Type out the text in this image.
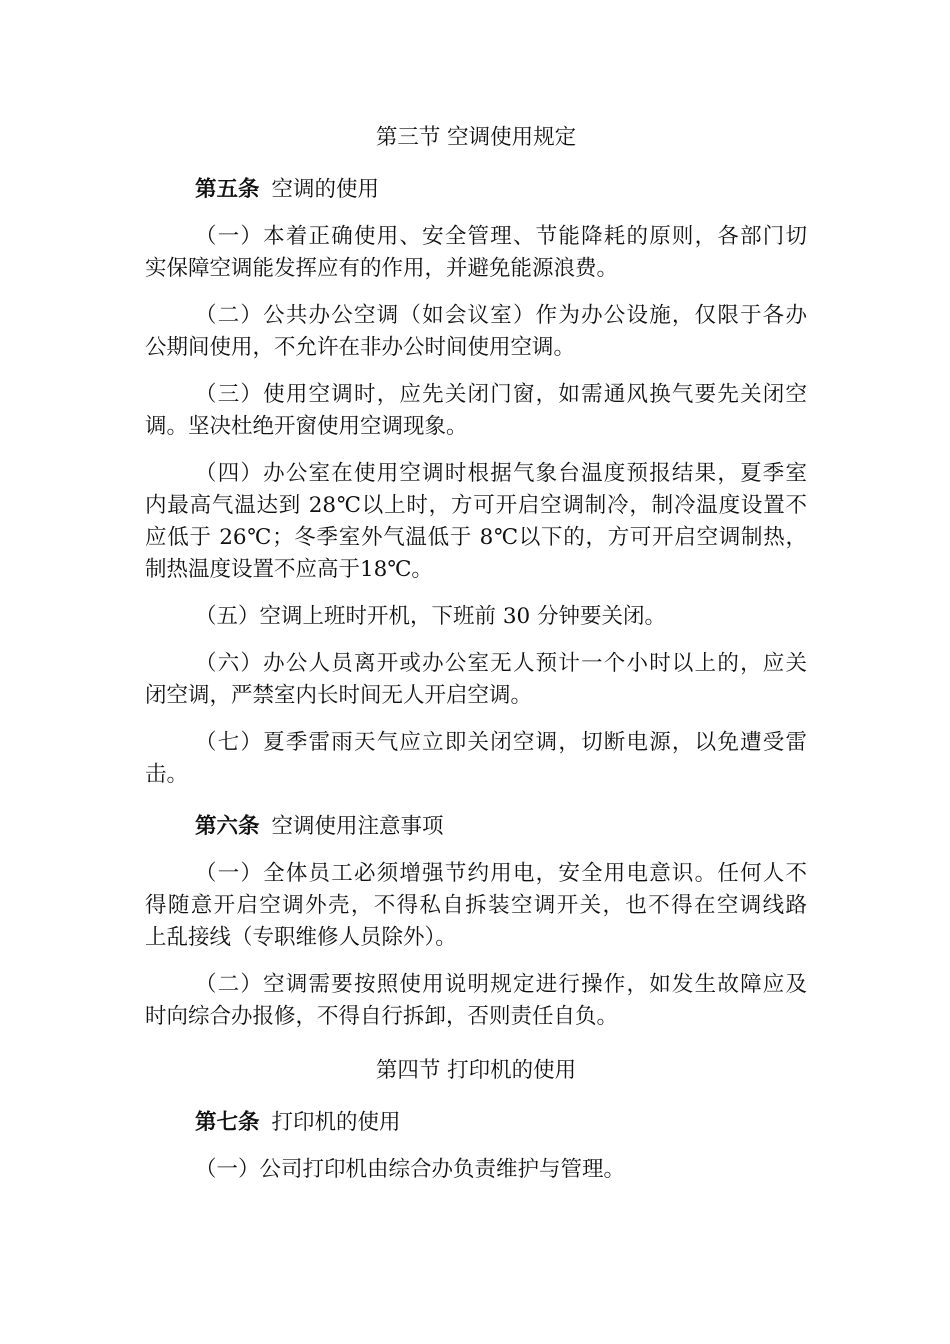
第三节 空调使用规定
第五条 空调的使用
（一）本着正确使用、安全管理、节能降耗的原则，各部门切
实保障空调能发挥应有的作用，并避免能源浪费。
（二）公共办公空调（如会议室）作为办公设施，仅限于各办
公期间使用，不允许在非办公时间使用空调。
（三）使用空调时，应先关闭门窗，如需通风换气要先关闭空
调。坚决杜绝开窗使用空调现象。
（四）办公室在使用空调时根据气象台温度预报结果，夏季室
内最高气温达到 28℃以上时，方可开启空调制冷，制冷温度设置不
应低于 26℃；冬季室外气温低于 8℃以下的，方可开启空调制热，
制热温度设置不应高于18℃。
（五）空调上班时开机，下班前 30 分钟要关闭。
（六）办公人员离开或办公室无人预计一个小时以上的，应关
闭空调，严禁室内长时间无人开启空调。
（七）夏季雷雨天气应立即关闭空调，切断电源，以免遭受雷
击。
第六条 空调使用注意事项
（一）全体员工必须增强节约用电，安全用电意识。任何人不
得随意开启空调外壳，不得私自拆装空调开关，也不得在空调线路
上乱接线（专职维修人员除外）。
（二）空调需要按照使用说明规定进行操作，如发生故障应及
时向综合办报修，不得自行拆卸，否则责任自负。
第四节 打印机的使用
第七条 打印机的使用
（一）公司打印机由综合办负责维护与管理。
